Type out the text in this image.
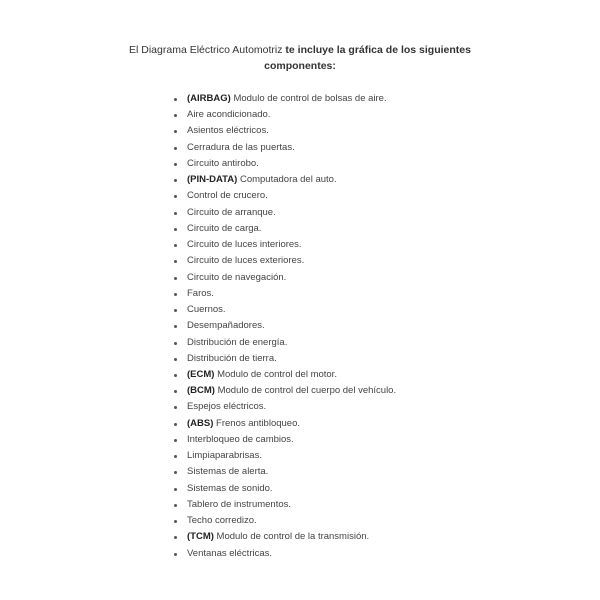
El Diagrama Eléctrico Automotriz te incluye la gráfica de los siguientes componentes:

(AIRBAG) Modulo de control de bolsas de aire.
Aire acondicionado.
Asientos eléctricos.
Cerradura de las puertas.
Circuito antirobo.
(PIN-DATA) Computadora del auto.
Control de crucero.
Circuito de arranque.
Circuito de carga.
Circuito de luces interiores.
Circuito de luces exteriores.
Circuito de navegación.
Faros.
Cuernos.
Desempañadores.
Distribución de energía.
Distribución de tierra.
(ECM) Modulo de control del motor.
(BCM) Modulo de control del cuerpo del vehículo.
Espejos eléctricos.
(ABS) Frenos antibloqueo.
Interbloqueo de cambios.
Limpiaparabrisas.
Sistemas de alerta.
Sistemas de sonido.
Tablero de instrumentos.
Techo corredizo.
(TCM) Modulo de control de la transmisión.
Ventanas eléctricas.
